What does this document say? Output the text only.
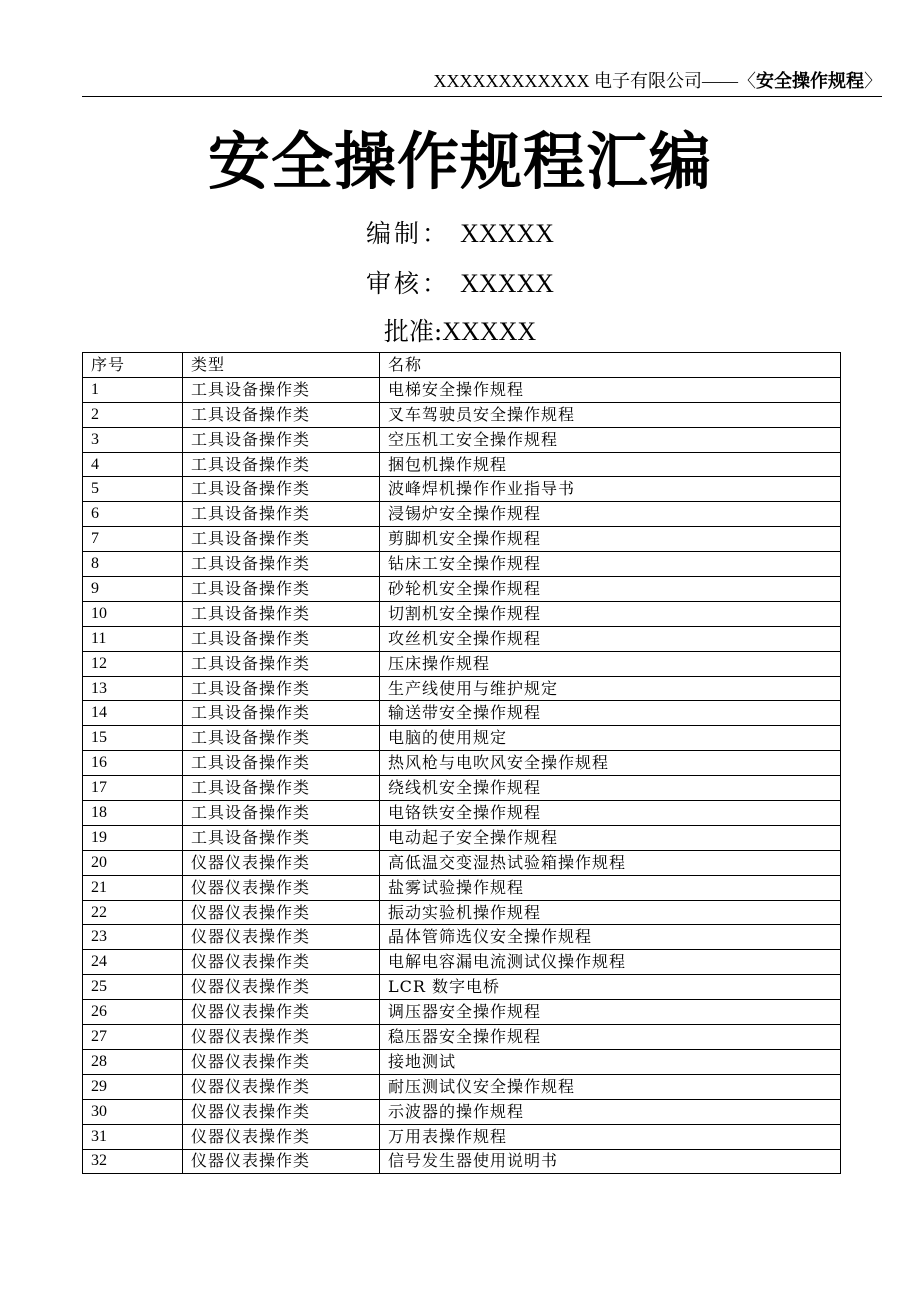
XXXXXXXXXXXX 电子有限公司——〈安全操作规程〉
安全操作规程汇编
编制： XXXXX
审核： XXXXX
批准:XXXXX
序号	类型	名称
1	工具设备操作类	电梯安全操作规程
2	工具设备操作类	叉车驾驶员安全操作规程
3	工具设备操作类	空压机工安全操作规程
4	工具设备操作类	捆包机操作规程
5	工具设备操作类	波峰焊机操作作业指导书
6	工具设备操作类	浸锡炉安全操作规程
7	工具设备操作类	剪脚机安全操作规程
8	工具设备操作类	钻床工安全操作规程
9	工具设备操作类	砂轮机安全操作规程
10	工具设备操作类	切割机安全操作规程
11	工具设备操作类	攻丝机安全操作规程
12	工具设备操作类	压床操作规程
13	工具设备操作类	生产线使用与维护规定
14	工具设备操作类	输送带安全操作规程
15	工具设备操作类	电脑的使用规定
16	工具设备操作类	热风枪与电吹风安全操作规程
17	工具设备操作类	绕线机安全操作规程
18	工具设备操作类	电铬铁安全操作规程
19	工具设备操作类	电动起子安全操作规程
20	仪器仪表操作类	高低温交变湿热试验箱操作规程
21	仪器仪表操作类	盐雾试验操作规程
22	仪器仪表操作类	振动实验机操作规程
23	仪器仪表操作类	晶体管筛选仪安全操作规程
24	仪器仪表操作类	电解电容漏电流测试仪操作规程
25	仪器仪表操作类	LCR 数字电桥
26	仪器仪表操作类	调压器安全操作规程
27	仪器仪表操作类	稳压器安全操作规程
28	仪器仪表操作类	接地测试
29	仪器仪表操作类	耐压测试仪安全操作规程
30	仪器仪表操作类	示波器的操作规程
31	仪器仪表操作类	万用表操作规程
32	仪器仪表操作类	信号发生器使用说明书
